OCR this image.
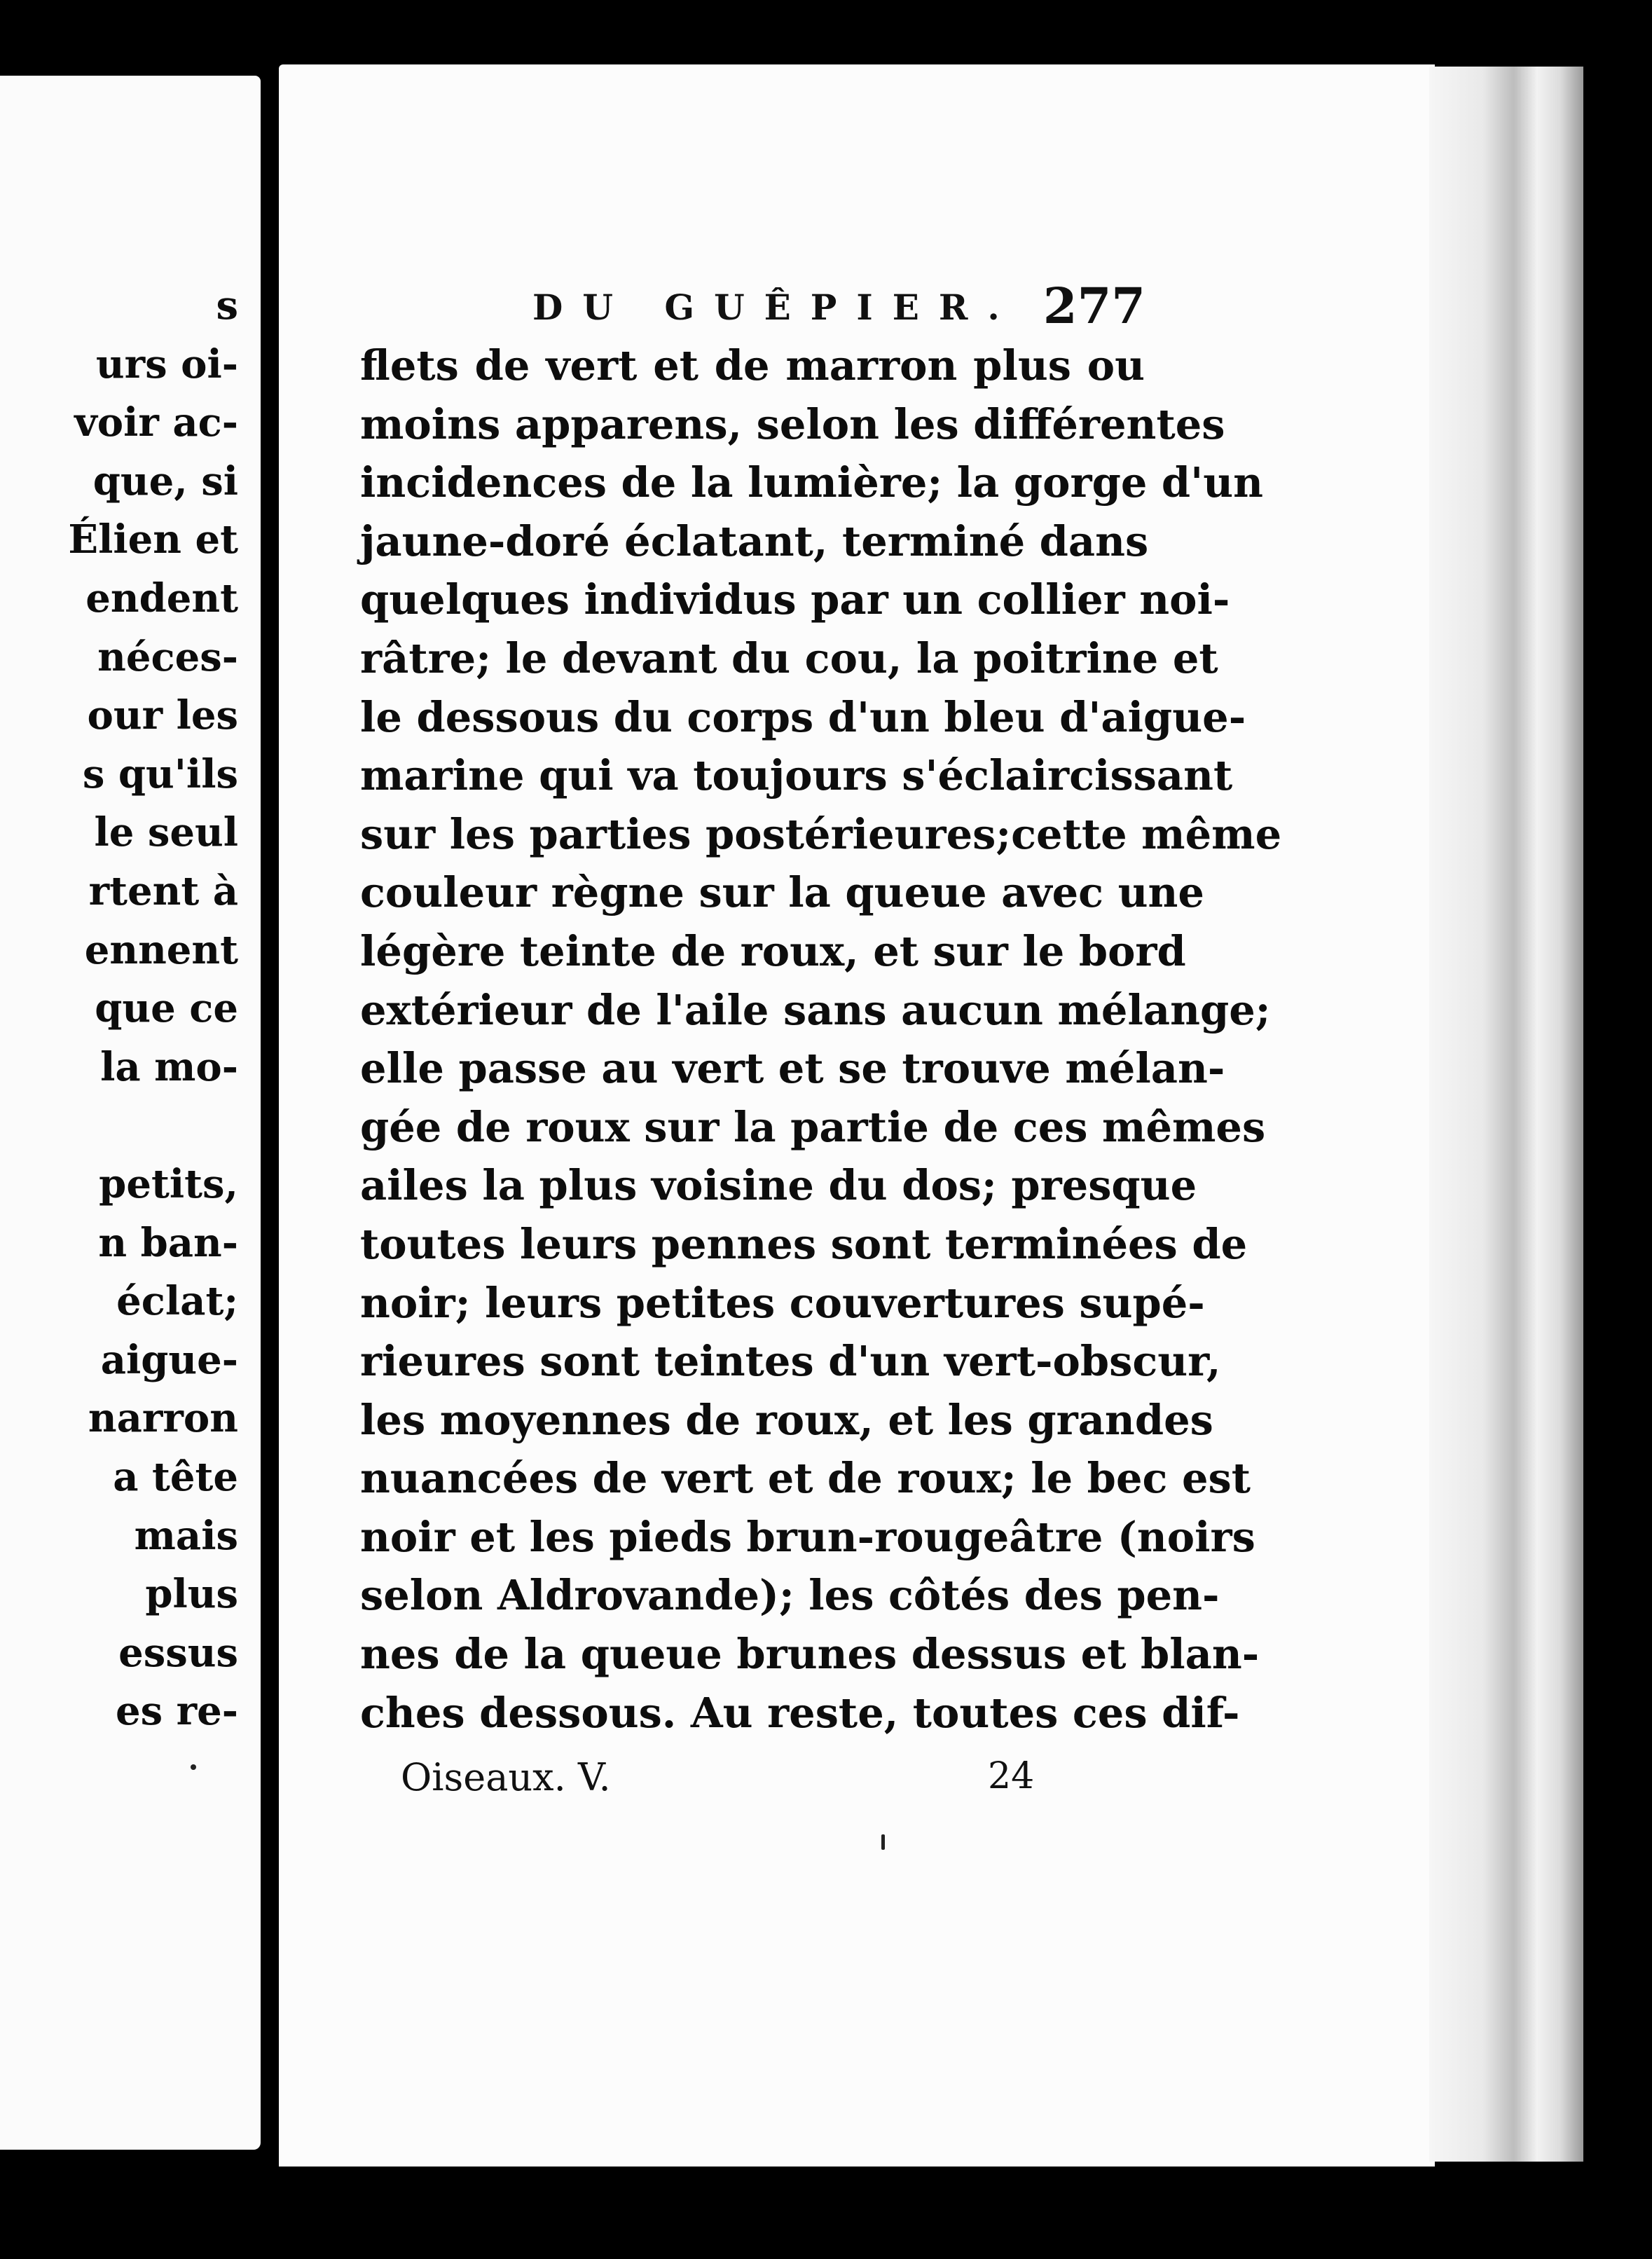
s
urs oi-
voir ac-
que, si
Élien et
endent
néces-
our les
s qu'ils
le seul
rtent à
ennent
que ce
la mo-
petits,
n ban-
éclat;
aigue-
narron
a tête
mais
plus
essus
es re-
DU GUÊPIER. 277
flets de vert et de marron plus ou
moins apparens, selon les différentes
incidences de la lumière; la gorge d'un
jaune-doré éclatant, terminé dans
quelques individus par un collier noi-
râtre; le devant du cou, la poitrine et
le dessous du corps d'un bleu d'aigue-
marine qui va toujours s'éclaircissant
sur les parties postérieures;cette même
couleur règne sur la queue avec une
légère teinte de roux, et sur le bord
extérieur de l'aile sans aucun mélange;
elle passe au vert et se trouve mélan-
gée de roux sur la partie de ces mêmes
ailes la plus voisine du dos; presque
toutes leurs pennes sont terminées de
noir; leurs petites couvertures supé-
rieures sont teintes d'un vert-obscur,
les moyennes de roux, et les grandes
nuancées de vert et de roux; le bec est
noir et les pieds brun-rougeâtre (noirs
selon Aldrovande); les côtés des pen-
nes de la queue brunes dessus et blan-
ches dessous. Au reste, toutes ces dif-
Oiseaux. V.	24
